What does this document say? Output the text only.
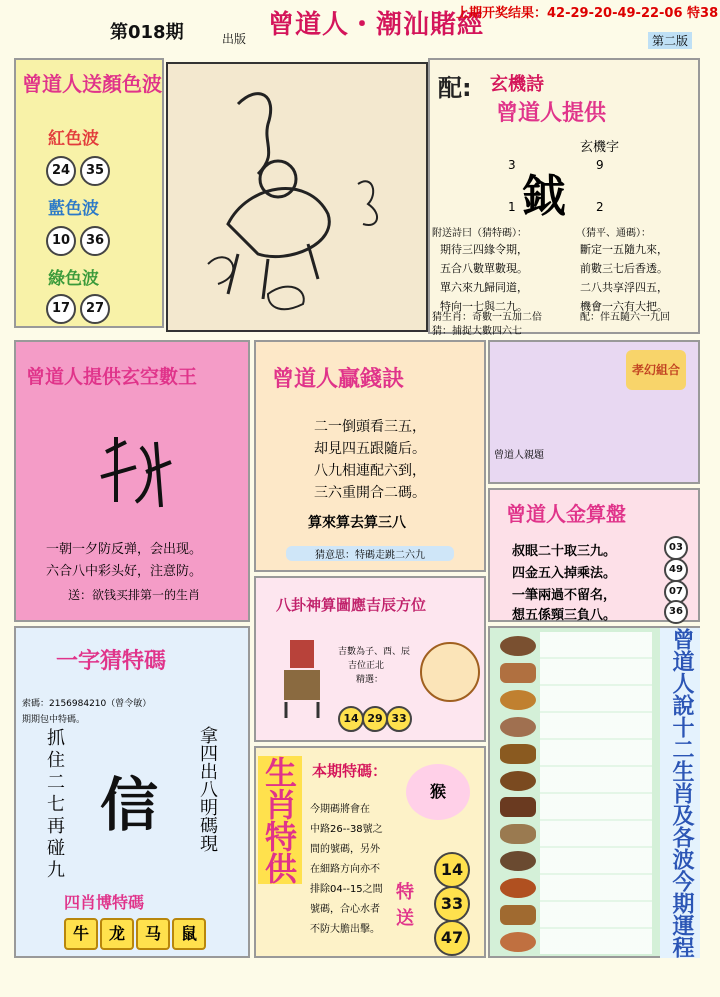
第018期	出版 曾道人・潮汕賭經
上期开奖结果：42-29-20-49-22-06 特38
第二版
曾道人送顏色波
紅色波
24	35
藍色波
10	36
綠色波
17	27
配: 玄機詩
曾道人提供
玄機字
3	9
鉞
1	2
附送詩曰（猜特碼）：	（猜平、通碼）：

期待三四緣令期，

五合八數單數現。

單六來九歸同道，

特向一七與二九。

斷定一五隨九來，

前數三七后香透。

二八共享浮四五，

機會一六有大把。

猜生肖：奇數一五加二倍	配：伴五隨六一九回
猜：捕捉大數四六七
曾道人提供玄空數王
一朝一夕防反弹，会出现。
六合八中彩头好，注意防。
送：欲钱买排第一的生肖
曾道人贏錢訣

二一倒頭看三五，

却見四五跟隨后。

八九相連配六到，

三六重開合二碼。

算來算去算三八
猜意思：特碼走跳二六九
孝幻組合
曾道人親題
曾道人金算盤
叔眼二十取三九。	03
四金五入掉乘法。	49
一筆兩過不留名，	07
想五係頸三負八。	36
八卦神算圖應吉辰方位
吉數為子、酉、辰
吉位正北
精選：
14 29 33
一字猜特碼
索碼：2156984210（曾令敏）
期期包中特碼。
信

抓

住

二

七

再

碰

九

拿四出八明碼現
四肖博特碼
牛	龙	马	鼠
生肖特供 本期特碼：
猴

今期碼將會在

中路26--38號之

間的號碼，另外

在細路方向亦不

排除04--15之間

號碼，合心水者

不防大膽出擊。

特送
14
33
47	曾道人說十二生肖及各波今期運程
